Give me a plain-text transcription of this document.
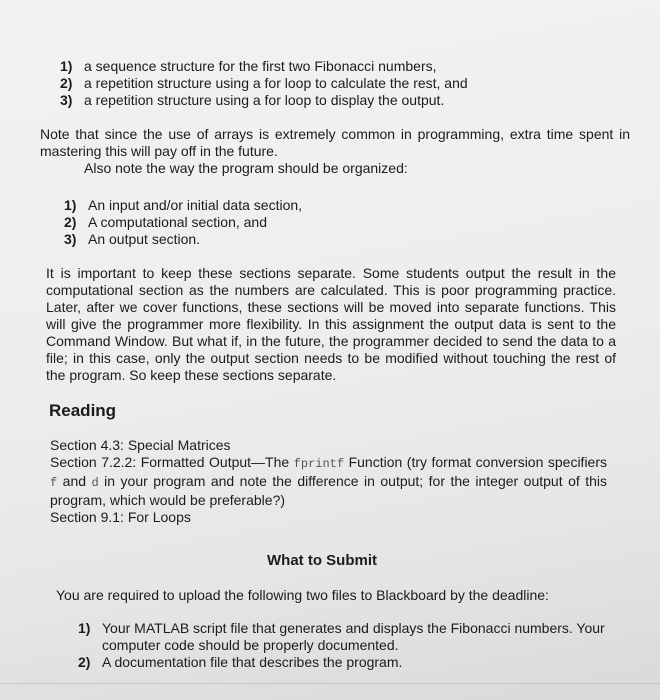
1) a sequence structure for the first two Fibonacci numbers,
2) a repetition structure using a for loop to calculate the rest, and
3) a repetition structure using a for loop to display the output.
Note that since the use of arrays is extremely common in programming, extra time spent in mastering this will pay off in the future.
Also note the way the program should be organized:
1) An input and/or initial data section,
2) A computational section, and
3) An output section.
It is important to keep these sections separate. Some students output the result in the computational section as the numbers are calculated. This is poor programming practice. Later, after we cover functions, these sections will be moved into separate functions. This will give the programmer more flexibility. In this assignment the output data is sent to the Command Window. But what if, in the future, the programmer decided to send the data to a file; in this case, only the output section needs to be modified without touching the rest of the program. So keep these sections separate.
Reading
Section 4.3: Special Matrices
Section 7.2.2: Formatted Output—The fprintf Function (try format conversion specifiers f and d in your program and note the difference in output; for the integer output of this program, which would be preferable?)
Section 9.1: For Loops
What to Submit
You are required to upload the following two files to Blackboard by the deadline:
1) Your MATLAB script file that generates and displays the Fibonacci numbers. Your computer code should be properly documented.
2) A documentation file that describes the program.
